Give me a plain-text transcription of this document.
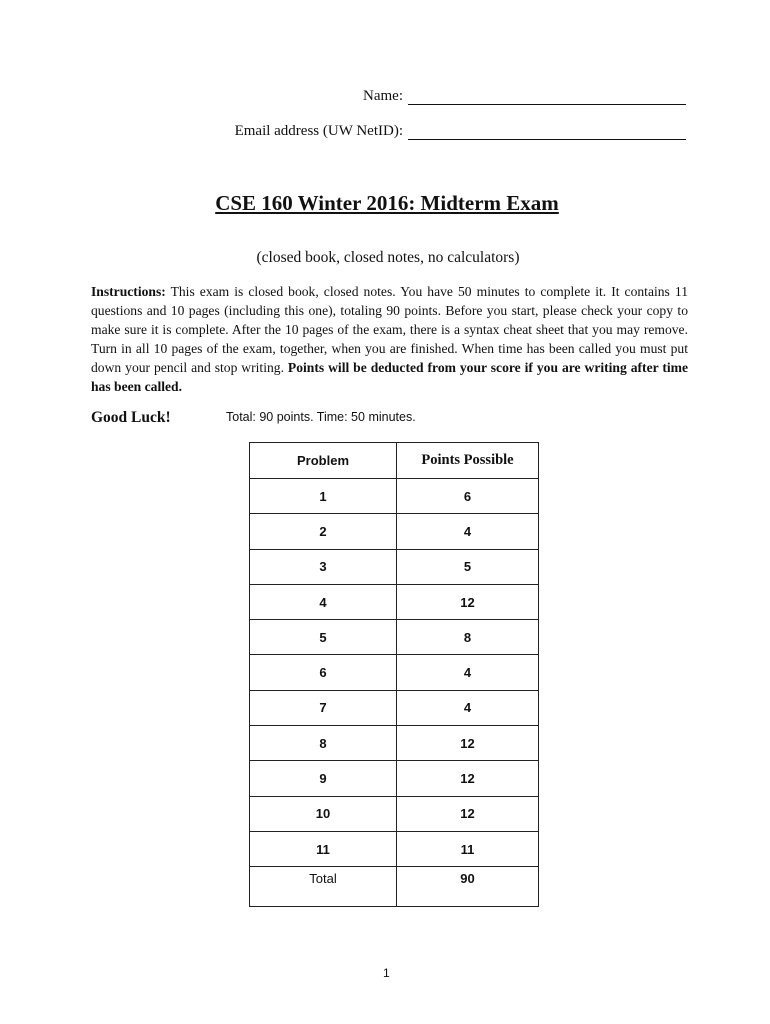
Name:
Email address (UW NetID):
CSE 160 Winter 2016: Midterm Exam
(closed book, closed notes, no calculators)
Instructions: This exam is closed book, closed notes. You have 50 minutes to complete it. It contains 11 questions and 10 pages (including this one), totaling 90 points. Before you start, please check your copy to make sure it is complete. After the 10 pages of the exam, there is a syntax cheat sheet that you may remove. Turn in all 10 pages of the exam, together, when you are finished. When time has been called you must put down your pencil and stop writing. Points will be deducted from your score if you are writing after time has been called.
Good Luck!	Total: 90 points. Time: 50 minutes.
Problem	Points Possible
1	6
2	4
3	5
4	12
5	8
6	4
7	4
8	12
9	12
10	12
11	11
Total	90
1
